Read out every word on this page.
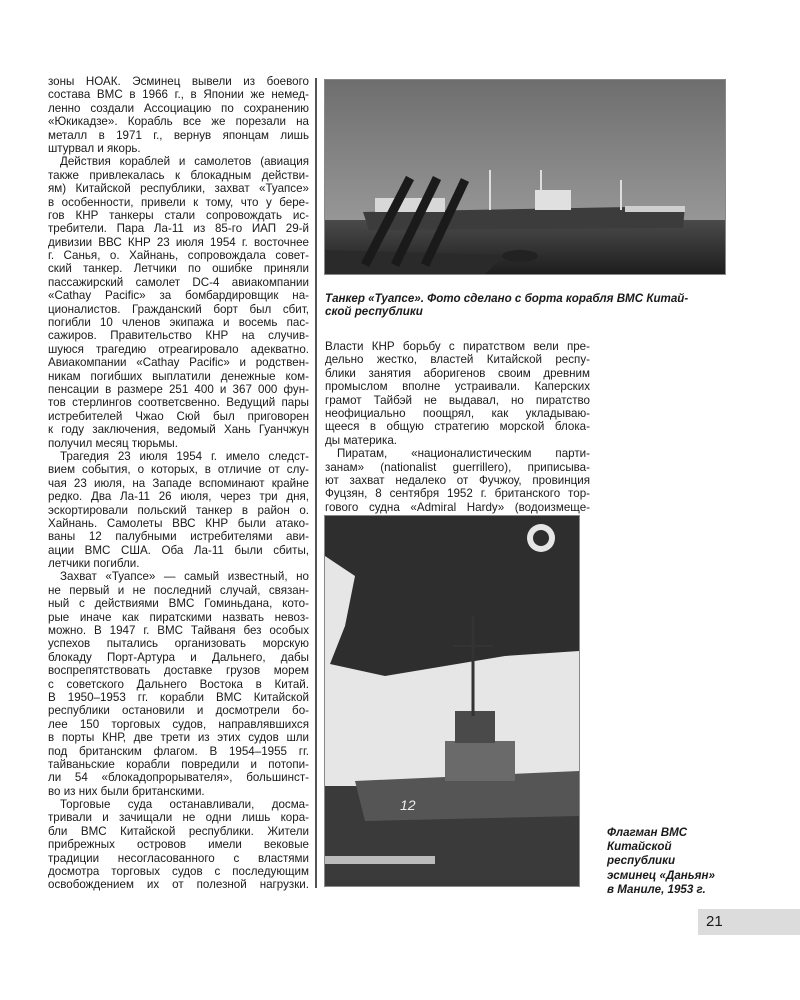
зоны НОАК. Эсминец вывели из боевого
состава ВМС в 1966 г., в Японии же немед-
ленно создали Ассоциацию по сохранению
«Юкикадзе». Корабль все же порезали на
металл в 1971 г., вернув японцам лишь
штурвал и якорь.
Действия кораблей и самолетов (авиация
также привлекалась к блокадным действи-
ям) Китайской республики, захват «Туапсе»
в особенности, привели к тому, что у бере-
гов КНР танкеры стали сопровождать ис-
требители. Пара Ла-11 из 85-го ИАП 29-й
дивизии ВВС КНР 23 июля 1954 г. восточнее
г. Санья, о. Хайнань, сопровождала совет-
ский танкер. Летчики по ошибке приняли
пассажирский самолет DC-4 авиакомпании
«Cathay Pacific» за бомбардировщик на-
ционалистов. Гражданский борт был сбит,
погибли 10 членов экипажа и восемь пас-
сажиров. Правительство КНР на случив-
шуюся трагедию отреагировало адекватно.
Авиакомпании «Cathay Pacific» и родствен-
никам погибших выплатили денежные ком-
пенсации в размере 251 400 и 367 000 фун-
тов стерлингов соответсвенно. Ведущий пары
истребителей Чжао Сюй был приговорен
к году заключения, ведомый Хань Гуанчжун
получил месяц тюрьмы.
Трагедия 23 июля 1954 г. имело следст-
вием события, о которых, в отличие от слу-
чая 23 июля, на Западе вспоминают крайне
редко. Два Ла-11 26 июля, через три дня,
эскортировали польский танкер в район о.
Хайнань. Самолеты ВВС КНР были атако-
ваны 12 палубными истребителями ави-
ации ВМС США. Оба Ла-11 были сбиты,
летчики погибли.
Захват «Туапсе» — самый известный, но
не первый и не последний случай, связан-
ный с действиями ВМС Гоминьдана, кото-
рые иначе как пиратскими назвать невоз-
можно. В 1947 г. ВМС Тайваня без особых
успехов пытались организовать морскую
блокаду Порт-Артура и Дальнего, дабы
воспрепятствовать доставке грузов морем
с советского Дальнего Востока в Китай.
В 1950–1953 гг. корабли ВМС Китайской
республики остановили и досмотрели бо-
лее 150 торговых судов, направлявшихся
в порты КНР, две трети из этих судов шли
под британским флагом. В 1954–1955 гг.
тайваньские корабли повредили и потопи-
ли 54 «блокадопрорывателя», большинст-
во из них были британскими.
Торговые суда останавливали, досма-
тривали и зачищали не одни лишь кора-
бли ВМС Китайской республики. Жители
прибрежных островов имели вековые
традиции несогласованного с властями
досмотра торговых судов с последующим
освобождением их от полезной нагрузки.
Танкер «Туапсе». Фото сделано с борта корабля ВМС Китай-
ской республики
Власти КНР борьбу с пиратством вели пре-
дельно жестко, властей Китайской респу-
блики занятия аборигенов своим древним
промыслом вполне устраивали. Каперских
грамот Тайбэй не выдавал, но пиратство
неофициально поощрял, как укладываю-
щееся в общую стратегию морской блока-
ды материка.
Пиратам, «националистическим парти-
занам» (nationalist guerrillero), приписыва-
ют захват недалеко от Фучжоу, провинция
Фуцзян, 8 сентября 1952 г. британского тор-
гового судна «Admiral Hardy» (водоизмеще-
12
Флагман ВМС
Китайской
республики
эсминец «Даньян»
в Маниле, 1953 г.
21
